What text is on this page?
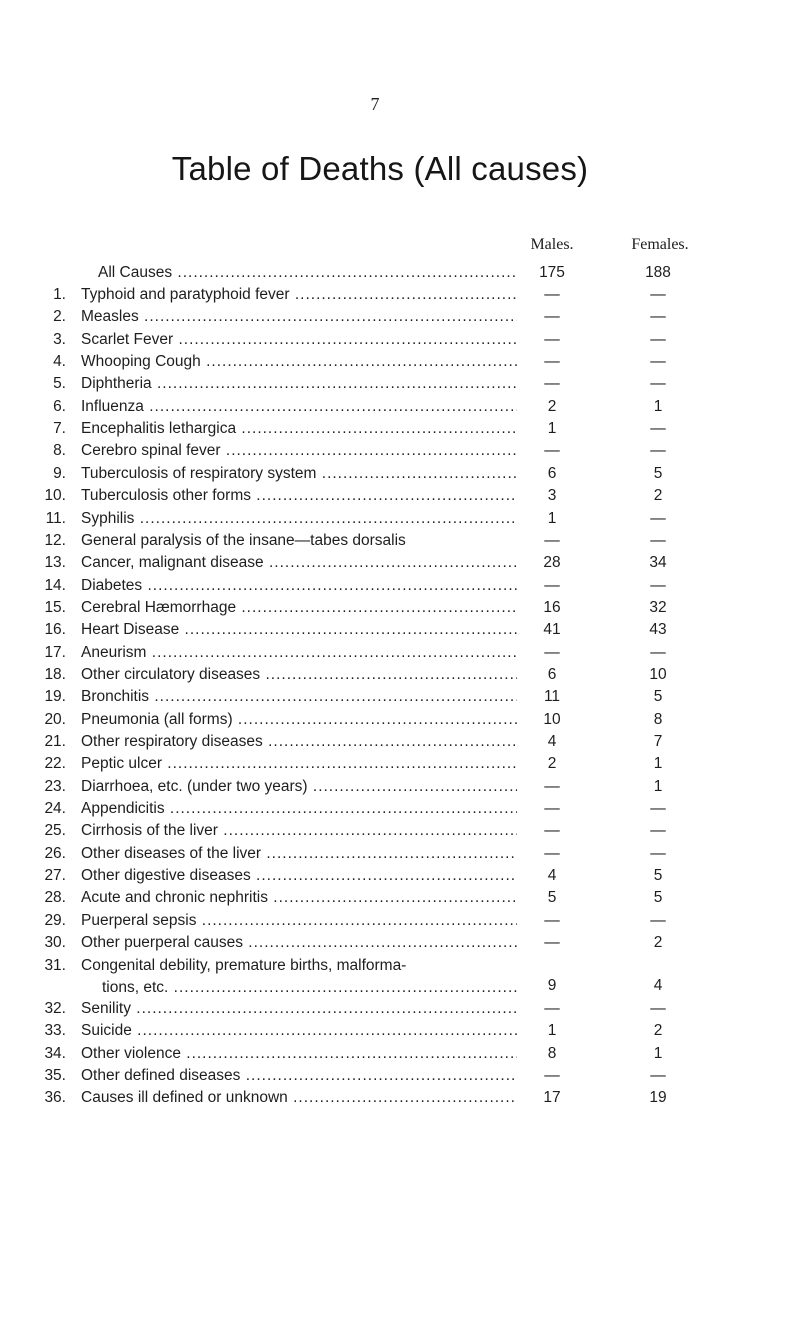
7
Table of Deaths (All causes)
Males.	Females.
All Causes .....	175	188
1. Typhoid and paratyphoid fever .....	—	—
2. Measles .....	—	—
3. Scarlet Fever .....	—	—
4. Whooping Cough .....	—	—
5. Diphtheria .....	—	—
6. Influenza .....	2	1
7. Encephalitis lethargica .....	1	—
8. Cerebro spinal fever .....	—	—
9. Tuberculosis of respiratory system .....	6	5
10. Tuberculosis other forms .....	3	2
11. Syphilis .....	1	—
12. General paralysis of the insane—tabes dorsalis	—	—
13. Cancer, malignant disease .....	28	34
14. Diabetes .....	—	—
15. Cerebral Hæmorrhage .....	16	32
16. Heart Disease .....	41	43
17. Aneurism .....	—	—
18. Other circulatory diseases .....	6	10
19. Bronchitis .....	11	5
20. Pneumonia (all forms) .....	10	8
21. Other respiratory diseases .....	4	7
22. Peptic ulcer .....	2	1
23. Diarrhoea, etc. (under two years) .....	—	1
24. Appendicitis .....	—	—
25. Cirrhosis of the liver .....	—	—
26. Other diseases of the liver .....	—	—
27. Other digestive diseases .....	4	5
28. Acute and chronic nephritis .....	5	5
29. Puerperal sepsis .....	—	—
30. Other puerperal causes .....	—	2
31. Congenital debility, premature births, malforma-
tions, etc. .....	9	4
32. Senility .....	—	—
33. Suicide .....	1	2
34. Other violence .....	8	1
35. Other defined diseases .....	—	—
36. Causes ill defined or unknown .....	17	19
